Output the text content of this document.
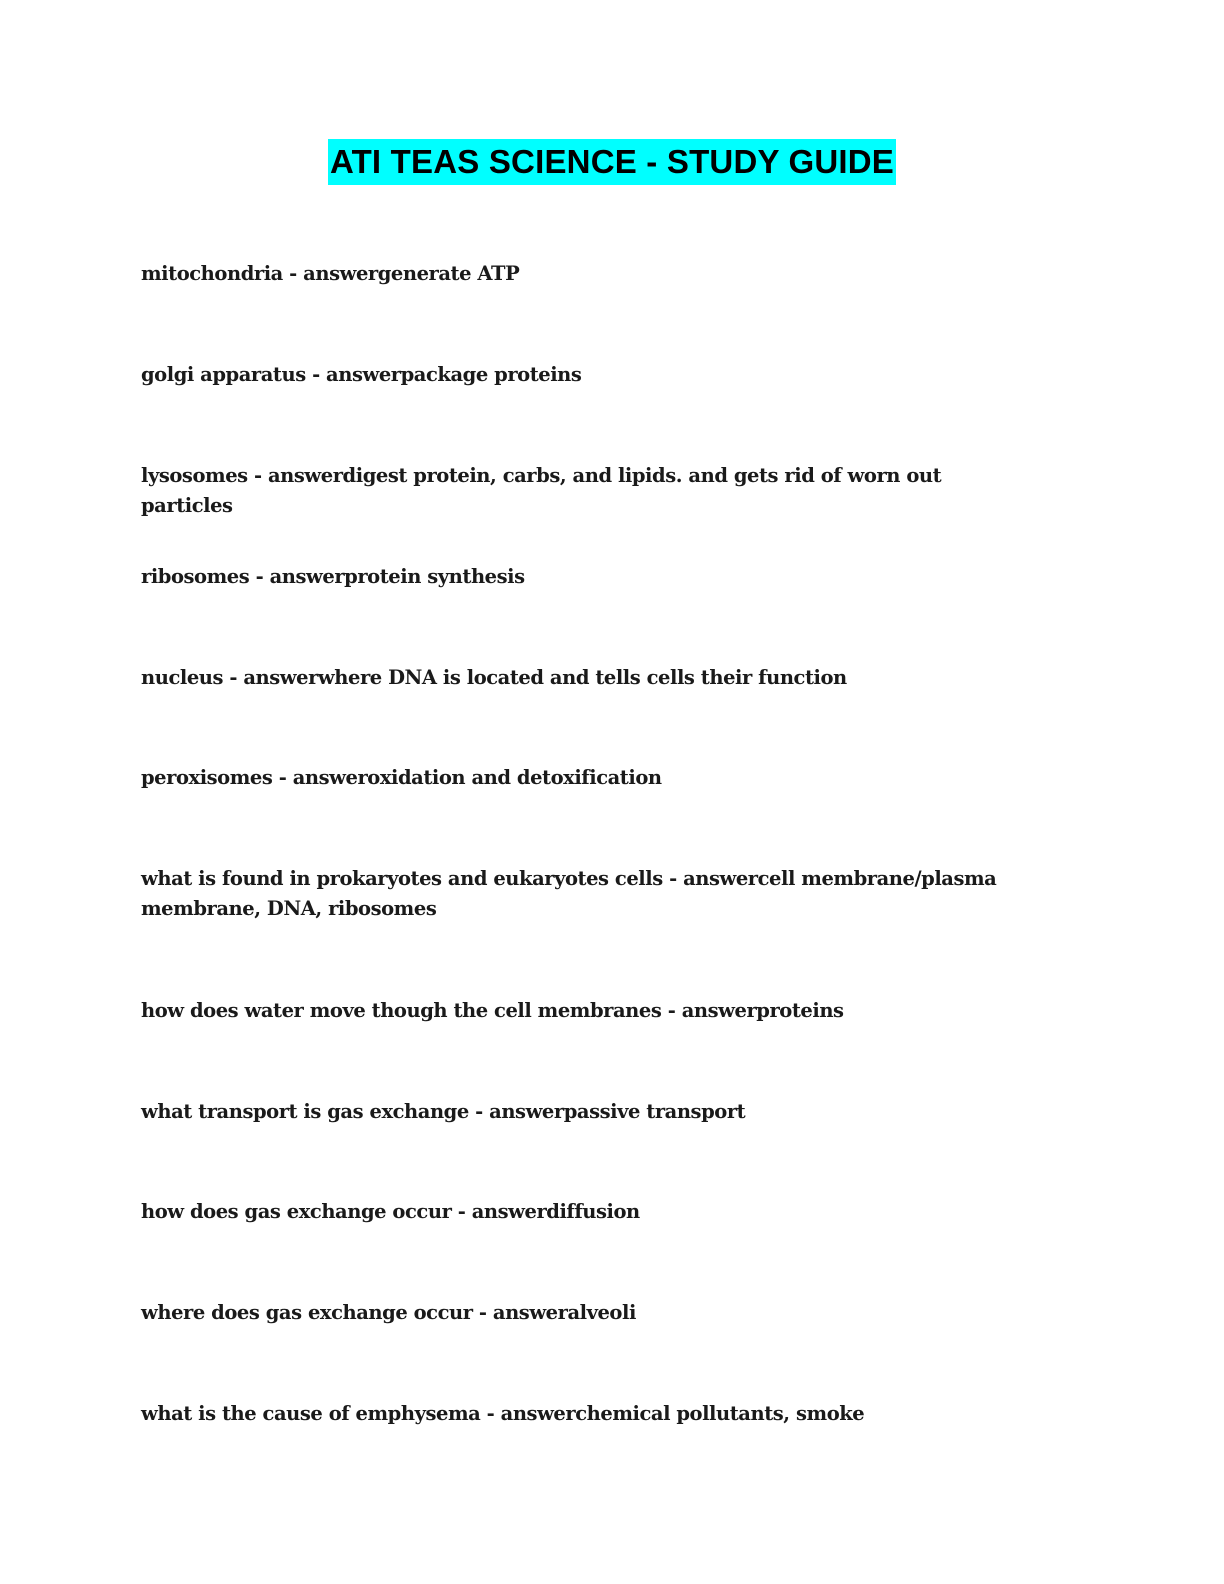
ATI TEAS SCIENCE - STUDY GUIDE

mitochondria - answergenerate ATP

golgi apparatus - answerpackage proteins

lysosomes - answerdigest protein, carbs, and lipids. and gets rid of worn out particles

ribosomes - answerprotein synthesis

nucleus - answerwhere DNA is located and tells cells their function

peroxisomes - answeroxidation and detoxification

what is found in prokaryotes and eukaryotes cells - answercell membrane/plasma membrane, DNA, ribosomes

how does water move though the cell membranes - answerproteins

what transport is gas exchange - answerpassive transport

how does gas exchange occur - answerdiffusion

where does gas exchange occur - answeralveoli

what is the cause of emphysema - answerchemical pollutants, smoke
